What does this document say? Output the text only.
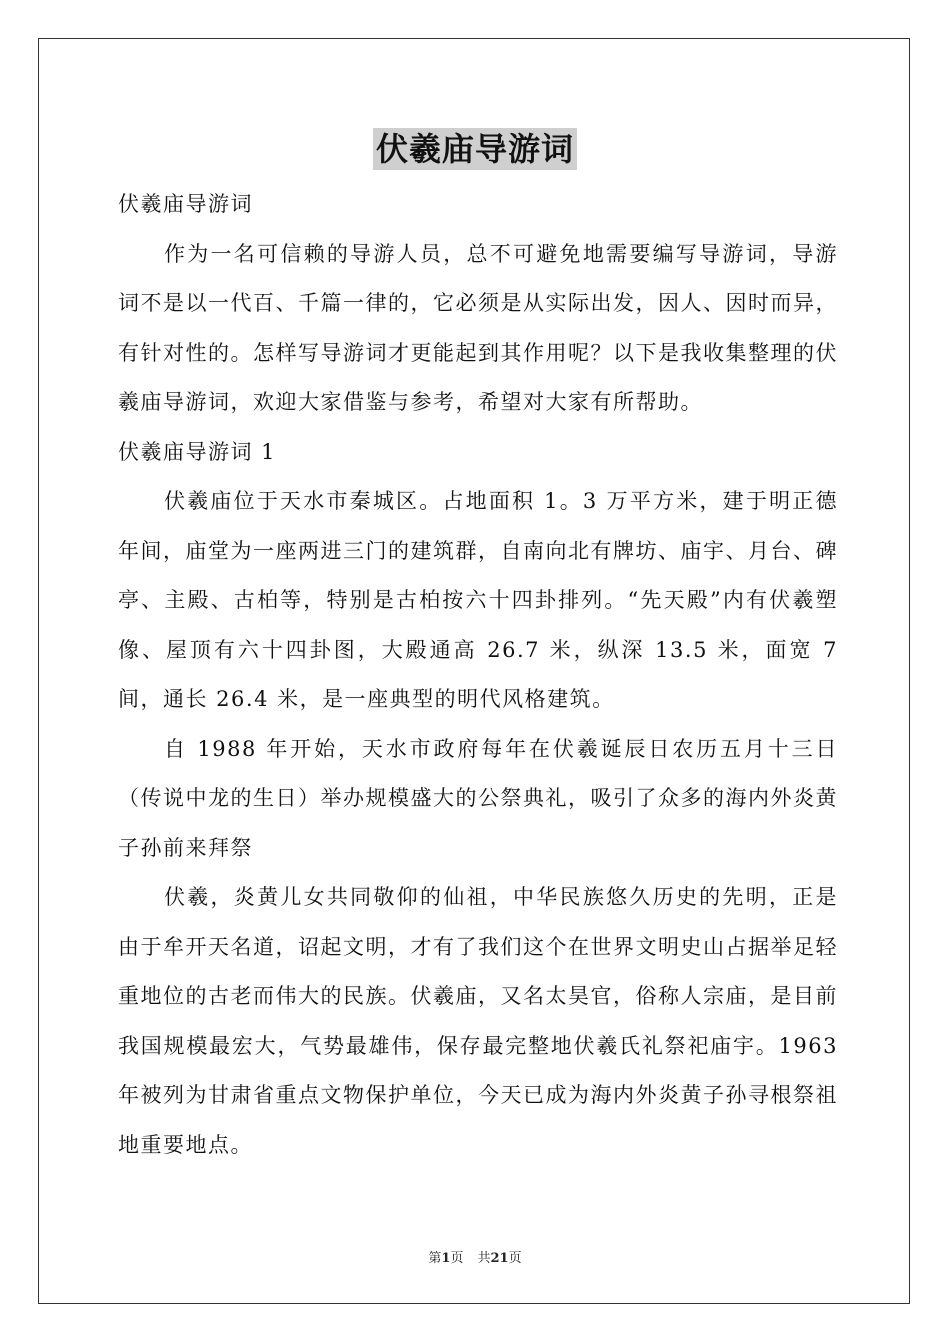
伏羲庙导游词

伏羲庙导游词

作为一名可信赖的导游人员，总不可避免地需要编写导游词，导游词不是以一代百、千篇一律的，它必须是从实际出发，因人、因时而异，有针对性的。怎样写导游词才更能起到其作用呢？以下是我收集整理的伏羲庙导游词，欢迎大家借鉴与参考，希望对大家有所帮助。

伏羲庙导游词 1

伏羲庙位于天水市秦城区。占地面积 1。3 万平方米，建于明正德年间，庙堂为一座两进三门的建筑群，自南向北有牌坊、庙宇、月台、碑亭、主殿、古柏等，特别是古柏按六十四卦排列。“先天殿”内有伏羲塑像、屋顶有六十四卦图，大殿通高 26.7 米，纵深 13.5 米，面宽 7 间，通长 26.4 米，是一座典型的明代风格建筑。

自 1988 年开始，天水市政府每年在伏羲诞辰日农历五月十三日（传说中龙的生日）举办规模盛大的公祭典礼，吸引了众多的海内外炎黄子孙前来拜祭

伏羲，炎黄儿女共同敬仰的仙祖，中华民族悠久历史的先明，正是由于牟开天名道，诏起文明，才有了我们这个在世界文明史山占据举足轻重地位的古老而伟大的民族。伏羲庙，又名太昊官，俗称人宗庙，是目前我国规模最宏大，气势最雄伟，保存最完整地伏羲氏礼祭祀庙宇。1963 年被列为甘肃省重点文物保护单位，今天已成为海内外炎黄子孙寻根祭祖地重要地点。

第1页 共21页
